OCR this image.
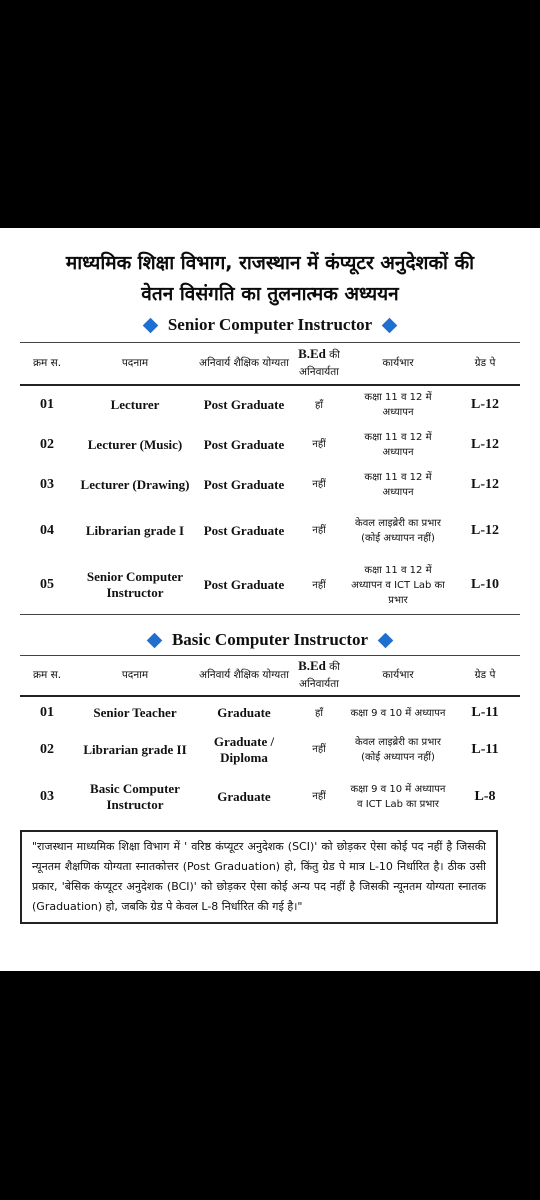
माध्यमिक शिक्षा विभाग, राजस्थान में कंप्यूटर अनुदेशकों की
वेतन विसंगति का तुलनात्मक अध्ययन
Senior Computer Instructor
क्रम स.	पदनाम	अनिवार्य शैक्षिक योग्यता	B.Ed की
अनिवार्यता	कार्यभार	ग्रेड पे
01	Lecturer	Post Graduate	हाँ	कक्षा 11 व 12 में अध्यापन	L-12
02	Lecturer (Music)	Post Graduate	नहीं	कक्षा 11 व 12 में अध्यापन	L-12
03	Lecturer (Drawing)	Post Graduate	नहीं	कक्षा 11 व 12 में अध्यापन	L-12
04	Librarian grade I	Post Graduate	नहीं	केवल लाइब्रेरी का प्रभार (कोई अध्यापन नहीं)	L-12
05	Senior Computer Instructor	Post Graduate	नहीं	कक्षा 11 व 12 में अध्यापन व ICT Lab का प्रभार	L-10
Basic Computer Instructor
क्रम स.	पदनाम	अनिवार्य शैक्षिक योग्यता	B.Ed की
अनिवार्यता	कार्यभार	ग्रेड पे
01	Senior Teacher	Graduate	हाँ	कक्षा 9 व 10 में अध्यापन	L-11
02	Librarian grade II	Graduate / Diploma	नहीं	केवल लाइब्रेरी का प्रभार (कोई अध्यापन नहीं)	L-11
03	Basic Computer Instructor	Graduate	नहीं	कक्षा 9 व 10 में अध्यापन व ICT Lab का प्रभार	L-8
"राजस्थान माध्यमिक शिक्षा विभाग में ' वरिष्ठ कंप्यूटर अनुदेशक (SCI)' को छोड़कर ऐसा कोई पद नहीं है जिसकी न्यूनतम शैक्षणिक योग्यता स्नातकोत्तर (Post Graduation) हो, किंतु ग्रेड पे मात्र L-10 निर्धारित है। ठीक उसी प्रकार, 'बेसिक कंप्यूटर अनुदेशक (BCI)' को छोड़कर ऐसा कोई अन्य पद नहीं है जिसकी न्यूनतम योग्यता स्नातक (Graduation) हो, जबकि ग्रेड पे केवल L-8 निर्धारित की गई है।"
